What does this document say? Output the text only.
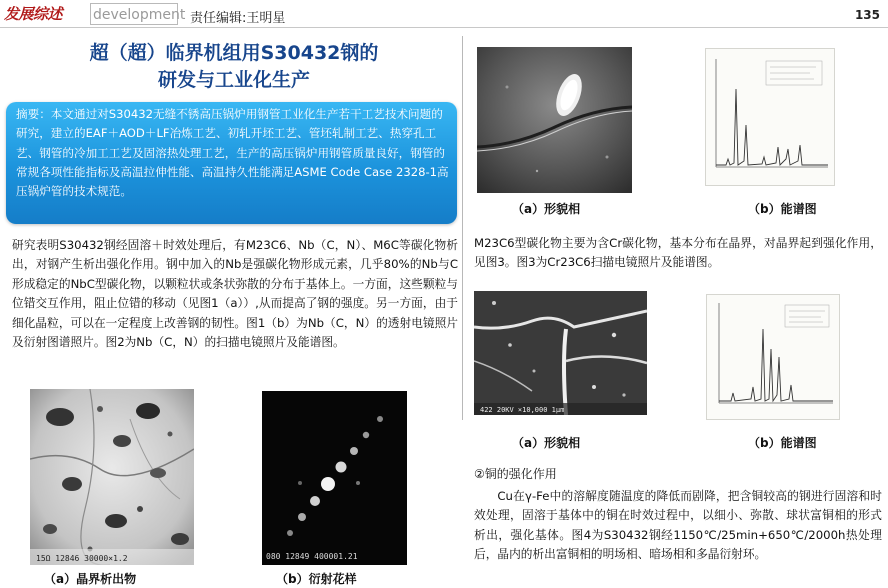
发展综述 development 责任编辑:王明星	135
超（超）临界机组用S30432钢的
研发与工业化生产
摘要：本文通过对S30432无缝不锈高压锅炉用钢管工业化生产若干工艺技术问题的研究，建立的EAF＋AOD＋LF冶炼工艺、初轧开坯工艺、管坯轧制工艺、热穿孔工艺、钢管的冷加工工艺及固溶热处理工艺，生产的高压锅炉用钢管质量良好，钢管的常规各项性能指标及高温拉伸性能、高温持久性能满足ASME Code Case 2328-1高压锅炉管的技术规范。
研究表明S30432钢经固溶＋时效处理后，有M23C6、Nb（C，N）、M6C等碳化物析出，对钢产生析出强化作用。钢中加入的Nb是强碳化物形成元素，几乎80%的Nb与C形成稳定的NbC型碳化物，以颗粒状或条状弥散的分布于基体上。一方面，这些颗粒与位错交互作用，阻止位错的移动（见图1（a））,从而提高了钢的强度。另一方面，由于细化晶粒，可以在一定程度上改善钢的韧性。图1（b）为Nb（C，N）的透射电镜照片及衍射图谱照片。图2为Nb（C，N）的扫描电镜照片及能谱图。
15Ω 12846 30000×1.2
（a）晶界析出物
080 12849 400001.21
（b）衍射花样
（a）形貌相	（b）能谱图
M23C6型碳化物主要为含Cr碳化物，基本分布在晶界，对晶界起到强化作用，见图3。图3为Cr23C6扫描电镜照片及能谱图。
422 20KV ×10,000 1μm
（a）形貌相	（b）能谱图
②铜的强化作用
Cu在γ-Fe中的溶解度随温度的降低而剧降，把含铜较高的钢进行固溶和时效处理，固溶于基体中的铜在时效过程中，以细小、弥散、球状富铜相的形式析出，强化基体。图4为S30432钢经1150℃/25min+650℃/2000h热处理后，晶内的析出富铜相的明场相、暗场相和多晶衍射环。
